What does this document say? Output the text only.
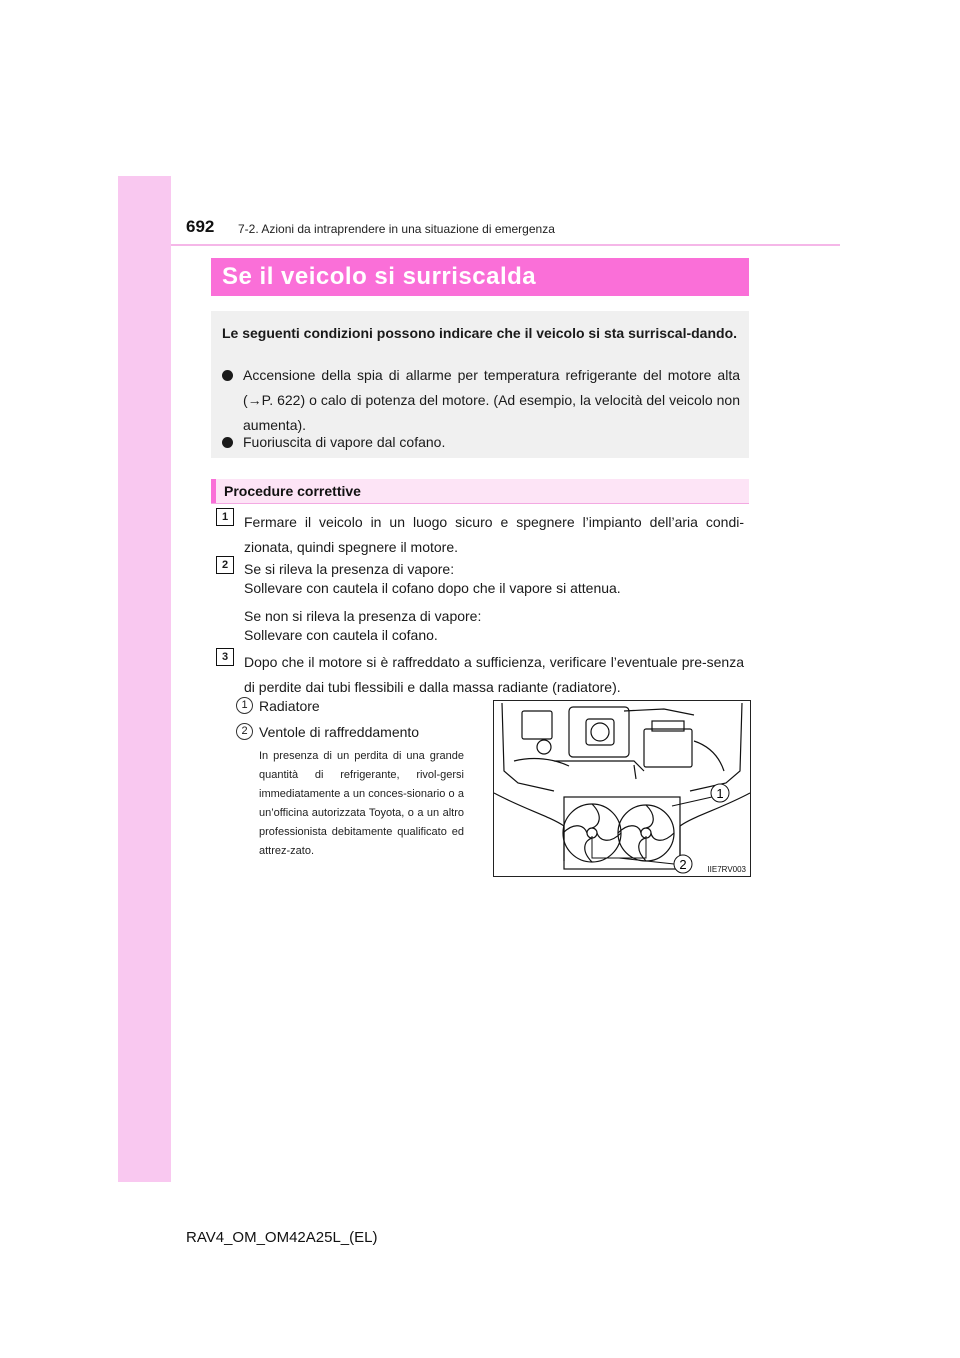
692 7-2. Azioni da intraprendere in una situazione di emergenza
Se il veicolo si surriscalda
Le seguenti condizioni possono indicare che il veicolo si sta surriscal-dando.
Accensione della spia di allarme per temperatura refrigerante del motore alta (→P. 622) o calo di potenza del motore. (Ad esempio, la velocità del veicolo non aumenta).
Fuoriuscita di vapore dal cofano.
Procedure correttive
1	Fermare il veicolo in un luogo sicuro e spegnere l’impianto dell’aria condi-zionata, quindi spegnere il motore.
2	Se si rileva la presenza di vapore:
Sollevare con cautela il cofano dopo che il vapore si attenua.
Se non si rileva la presenza di vapore:
Sollevare con cautela il cofano.
3	Dopo che il motore si è raffreddato a sufficienza, verificare l’eventuale pre-senza di perdite dai tubi flessibili e dalla massa radiante (radiatore).
1 Radiatore
2 Ventole di raffreddamento
In presenza di un perdita di una grande quantità di refrigerante, rivol-gersi immediatamente a un conces-sionario o a un’officina autorizzata Toyota, o a un altro professionista debitamente qualificato ed attrez-zato.
1
2	IIE7RV003
RAV4_OM_OM42A25L_(EL)
